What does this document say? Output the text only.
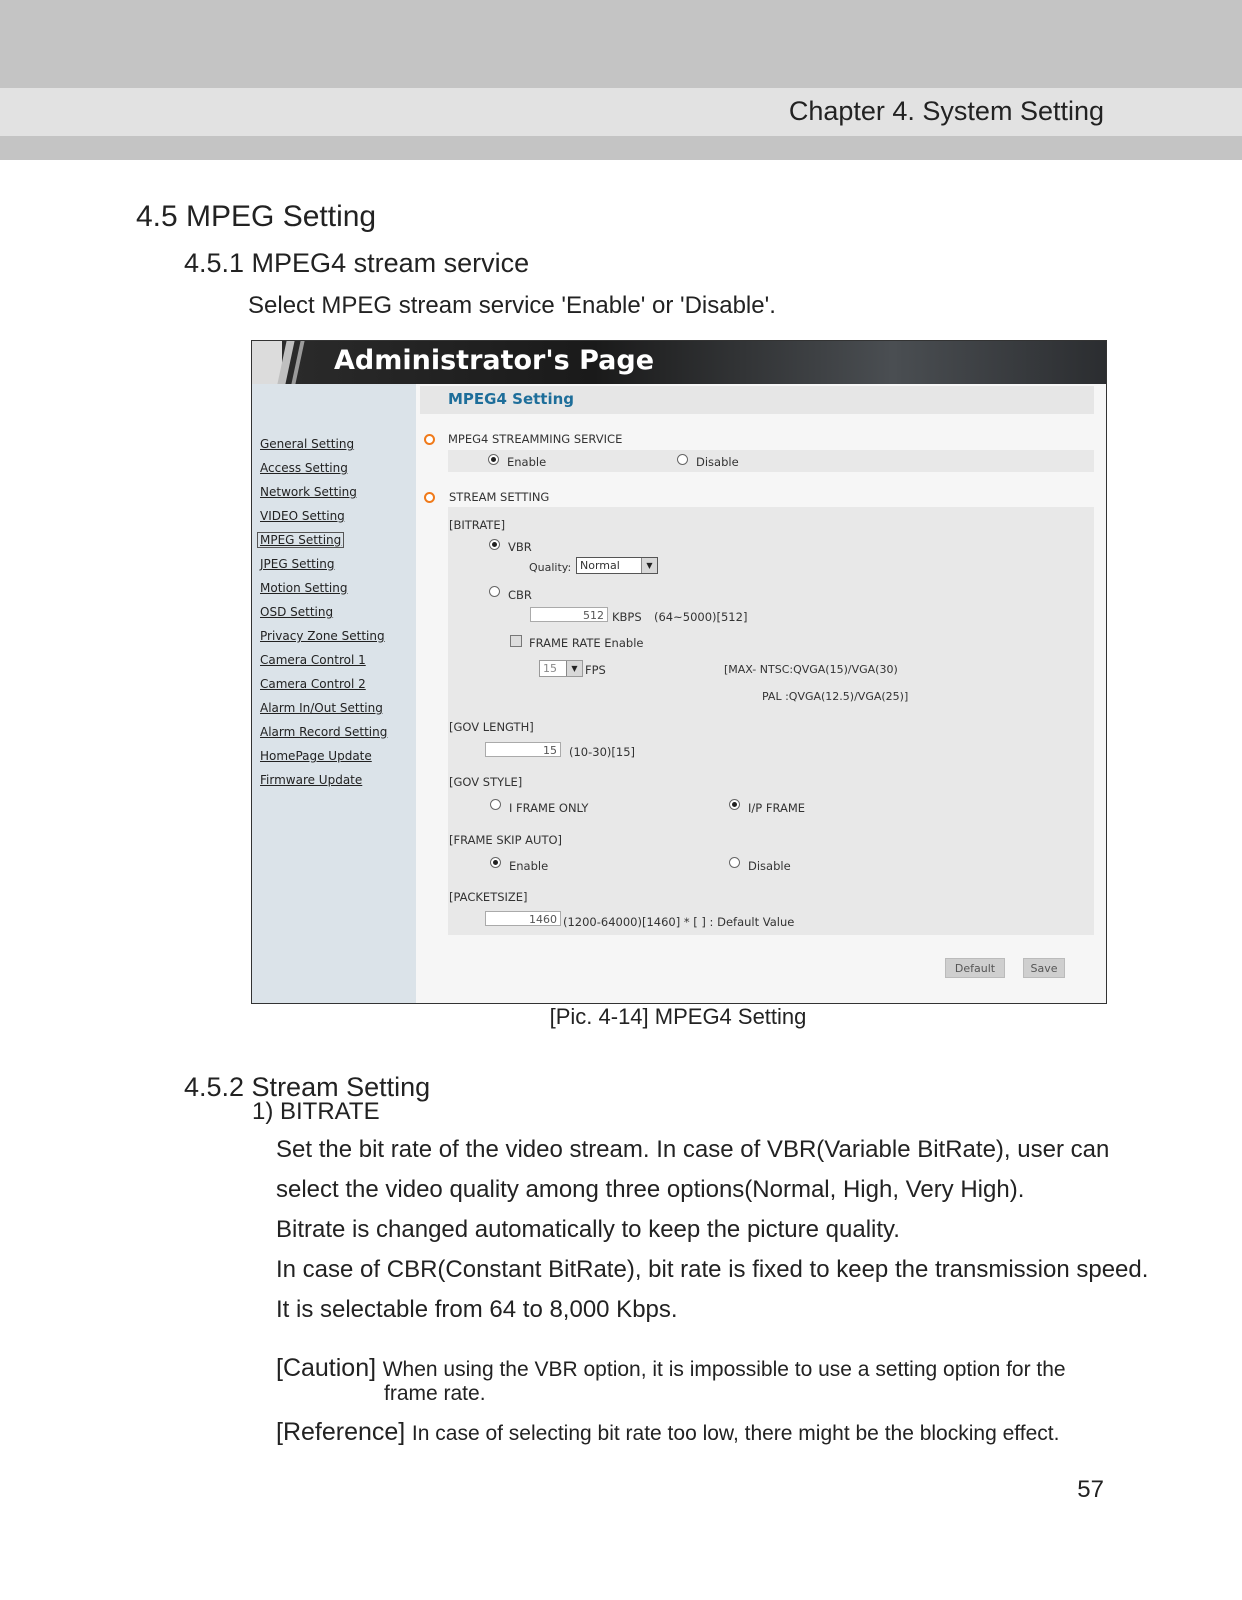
Chapter 4. System Setting
4.5 MPEG Setting
4.5.1 MPEG4 stream service
Select MPEG stream service 'Enable' or 'Disable'.
Administrator's Page
MPEG4 Setting
General Setting
Access Setting
Network Setting
VIDEO Setting
MPEG Setting
JPEG Setting
Motion Setting
OSD Setting
Privacy Zone Setting
Camera Control 1
Camera Control 2
Alarm In/Out Setting
Alarm Record Setting
HomePage Update
Firmware Update
MPEG4 STREAMMING SERVICE
Enable	Disable
STREAM SETTING
[BITRATE]
VBR
Quality: Normal	▼
CBR
512 KBPS (64~5000)[512]
FRAME RATE Enable
15	▼ FPS	[MAX- NTSC:QVGA(15)/VGA(30)
PAL :QVGA(12.5)/VGA(25)]
[GOV LENGTH]
15	(10-30)[15]
[GOV STYLE]
I FRAME ONLY	I/P FRAME
[FRAME SKIP AUTO]
Enable	Disable
[PACKETSIZE]
1460 (1200-64000)[1460] * [ ] : Default Value
Default	Save
[Pic. 4-14] MPEG4 Setting
4.5.2 Stream Setting
1) BITRATE
Set the bit rate of the video stream. In case of VBR(Variable BitRate), user can
select the video quality among three options(Normal, High, Very High).
Bitrate is changed automatically to keep the picture quality.
In case of CBR(Constant BitRate), bit rate is fixed to keep the transmission speed.
It is selectable from 64 to 8,000 Kbps.
[Caution] When using the VBR option, it is impossible to use a setting option for the
frame rate.
[Reference] In case of selecting bit rate too low, there might be the blocking effect.
57
